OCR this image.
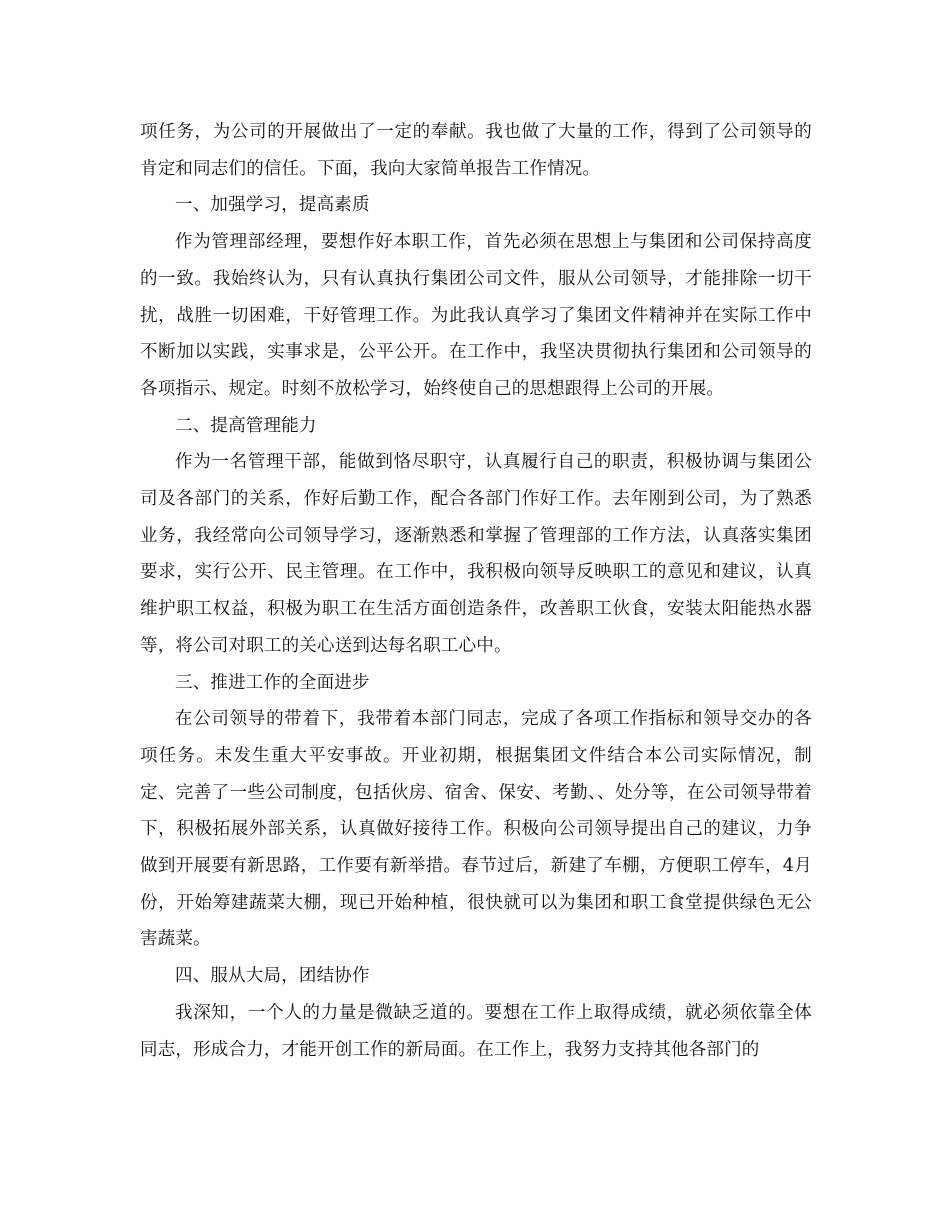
项任务，为公司的开展做出了一定的奉献。我也做了大量的工作，得到了公司领导的肯定和同志们的信任。下面，我向大家简单报告工作情况。

一、加强学习，提高素质

作为管理部经理，要想作好本职工作，首先必须在思想上与集团和公司保持高度的一致。我始终认为，只有认真执行集团公司文件，服从公司领导，才能排除一切干扰，战胜一切困难，干好管理工作。为此我认真学习了集团文件精神并在实际工作中不断加以实践，实事求是，公平公开。在工作中，我坚决贯彻执行集团和公司领导的各项指示、规定。时刻不放松学习，始终使自己的思想跟得上公司的开展。

二、提高管理能力

作为一名管理干部，能做到恪尽职守，认真履行自己的职责，积极协调与集团公司及各部门的关系，作好后勤工作，配合各部门作好工作。去年刚到公司，为了熟悉业务，我经常向公司领导学习，逐渐熟悉和掌握了管理部的工作方法，认真落实集团要求，实行公开、民主管理。在工作中，我积极向领导反映职工的意见和建议，认真维护职工权益，积极为职工在生活方面创造条件，改善职工伙食，安装太阳能热水器等，将公司对职工的关心送到达每名职工心中。

三、推进工作的全面进步

在公司领导的带着下，我带着本部门同志，完成了各项工作指标和领导交办的各项任务。未发生重大平安事故。开业初期，根据集团文件结合本公司实际情况，制定、完善了一些公司制度，包括伙房、宿舍、保安、考勤、、处分等，在公司领导带着下，积极拓展外部关系，认真做好接待工作。积极向公司领导提出自己的建议，力争做到开展要有新思路，工作要有新举措。春节过后，新建了车棚，方便职工停车，4月份，开始筹建蔬菜大棚，现已开始种植，很快就可以为集团和职工食堂提供绿色无公害蔬菜。

四、服从大局，团结协作

我深知，一个人的力量是微缺乏道的。要想在工作上取得成绩，就必须依靠全体同志，形成合力，才能开创工作的新局面。在工作上，我努力支持其他各部门的
